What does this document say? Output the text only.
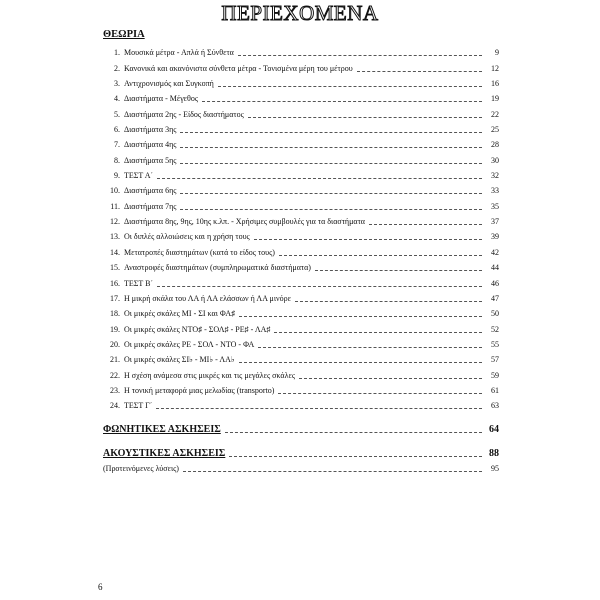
ΠΕΡΙΕΧΟΜΕΝΑ
ΘΕΩΡΙΑ
1. Μουσικά μέτρα - Απλά ή Σύνθετα	9
2. Κανονικά και ακανόνιστα σύνθετα μέτρα - Τονισμένα μέρη του μέτρου	12
3. Αντιχρονισμός και Συγκοπή	16
4. Διαστήματα - Μέγεθος	19
5. Διαστήματα 2ης - Είδος διαστήματος	22
6. Διαστήματα 3ης	25
7. Διαστήματα 4ης	28
8. Διαστήματα 5ης	30
9. ΤΕΣΤ Α΄	32
10. Διαστήματα 6ης	33
11. Διαστήματα 7ης	35
12. Διαστήματα 8ης, 9ης, 10ης κ.λπ. - Χρήσιμες συμβουλές για τα διαστήματα	37
13. Οι διπλές αλλοιώσεις και η χρήση τους	39
14. Μετατροπές διαστημάτων (κατά το είδος τους)	42
15. Αναστροφές διαστημάτων (συμπληρωματικά διαστήματα)	44
16. ΤΕΣΤ Β΄	46
17. Η μικρή σκάλα του ΛΑ ή ΛΑ ελάσσων ή ΛΑ μινόρε	47
18. Οι μικρές σκάλες ΜΙ - ΣΙ και ΦΑ♯	50
19. Οι μικρές σκάλες ΝΤΟ♯ - ΣΟΛ♯ - ΡΕ♯ - ΛΑ♯	52
20. Οι μικρές σκάλες ΡΕ - ΣΟΛ - ΝΤΟ - ΦΑ	55
21. Οι μικρές σκάλες ΣΙ♭ - ΜΙ♭ - ΛΑ♭	57
22. Η σχέση ανάμεσα στις μικρές και τις μεγάλες σκάλες	59
23. Η τονική μεταφορά μιας μελωδίας (transporto)	61
24. ΤΕΣΤ Γ΄	63
ΦΩΝΗΤΙΚΕΣ ΑΣΚΗΣΕΙΣ	64
ΑΚΟΥΣΤΙΚΕΣ ΑΣΚΗΣΕΙΣ	88
(Προτεινόμενες λύσεις)	95
6
